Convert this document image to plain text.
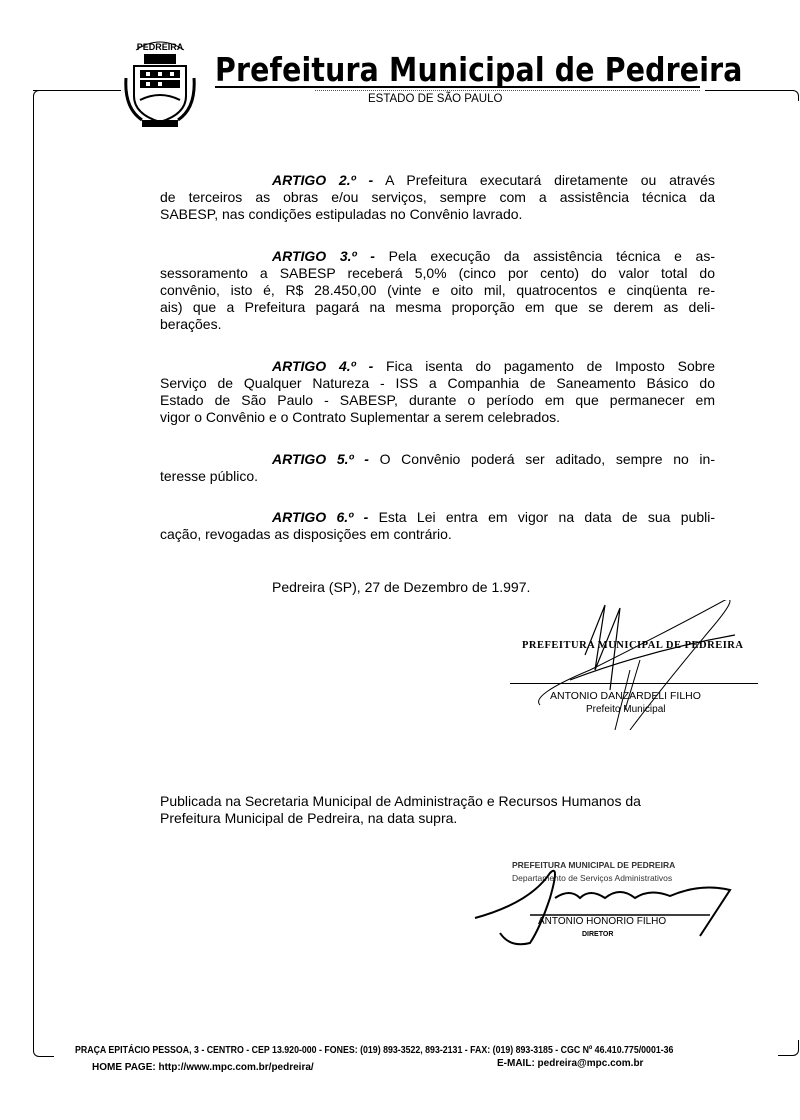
PEDREIRA
Prefeitura Municipal de Pedreira
ESTADO DE SÃO PAULO
ARTIGO 2.º - A Prefeitura executará diretamente ou através
de terceiros as obras e/ou serviços, sempre com a assistência técnica da
SABESP, nas condições estipuladas no Convênio lavrado.
ARTIGO 3.º - Pela execução da assistência técnica e as-
sessoramento a SABESP receberá 5,0% (cinco por cento) do valor total do
convênio, isto é, R$ 28.450,00 (vinte e oito mil, quatrocentos e cinqüenta re-
ais) que a Prefeitura pagará na mesma proporção em que se derem as deli-
berações.
ARTIGO 4.º - Fica isenta do pagamento de Imposto Sobre
Serviço de Qualquer Natureza - ISS a Companhia de Saneamento Básico do
Estado de São Paulo - SABESP, durante o período em que permanecer em
vigor o Convênio e o Contrato Suplementar a serem celebrados.
ARTIGO 5.º - O Convênio poderá ser aditado, sempre no in-
teresse público.
ARTIGO 6.º - Esta Lei entra em vigor na data de sua publi-
cação, revogadas as disposições em contrário.
Pedreira (SP), 27 de Dezembro de 1.997.
PREFEITURA MUNICIPAL DE PEDREIRA
ANTONIO DANZARDELI FILHO
Prefeito Municipal
Publicada na Secretaria Municipal de Administração e Recursos Humanos da
Prefeitura Municipal de Pedreira, na data supra.
PREFEITURA MUNICIPAL DE PEDREIRA
Departamento de Serviços Administrativos
ANTONIO HONORIO FILHO
DIRETOR
PRAÇA EPITÁCIO PESSOA, 3 - CENTRO - CEP 13.920-000 - FONES: (019) 893-3522, 893-2131 - FAX: (019) 893-3185 - CGC Nº 46.410.775/0001-36
HOME PAGE: http://www.mpc.com.br/pedreira/	E-MAIL: pedreira@mpc.com.br
